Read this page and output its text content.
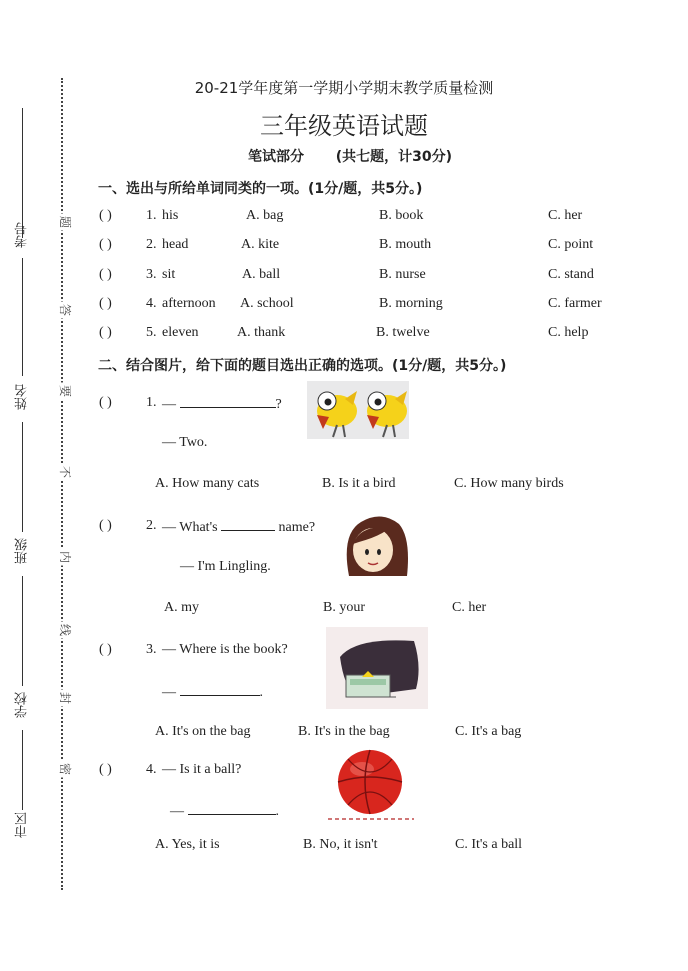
考号
姓名
班级
学校
市区
题
答
要
不
内
线
封
密
20-21学年度第一学期小学期末教学质量检测
三年级英语试题
笔试部分 (共七题，计30分)
一、选出与所给单词同类的一项。(1分/题，共5分。)
( ) 1. his	A. bag	B. book	C. her
( ) 2. head	A. kite	B. mouth	C. point
( ) 3. sit	A. ball	B. nurse	C. stand
( ) 4. afternoon A. school	B. morning	C. farmer
( ) 5. eleven	A. thank	B. twelve	C. help
二、结合图片，给下面的题目选出正确的选项。(1分/题，共5分。)
( ) 1. —	?
— Two.
A. How many cats	B. Is it a bird	C. How many birds
( ) 2. — What's	name?
— I'm Lingling.
A. my	B. your	C. her
( ) 3. — Where is the book?
—	.
A. It's on the bag	B. It's in the bag	C. It's a bag
( ) 4. — Is it a ball?
—	.
A. Yes, it is	B. No, it isn't	C. It's a ball
